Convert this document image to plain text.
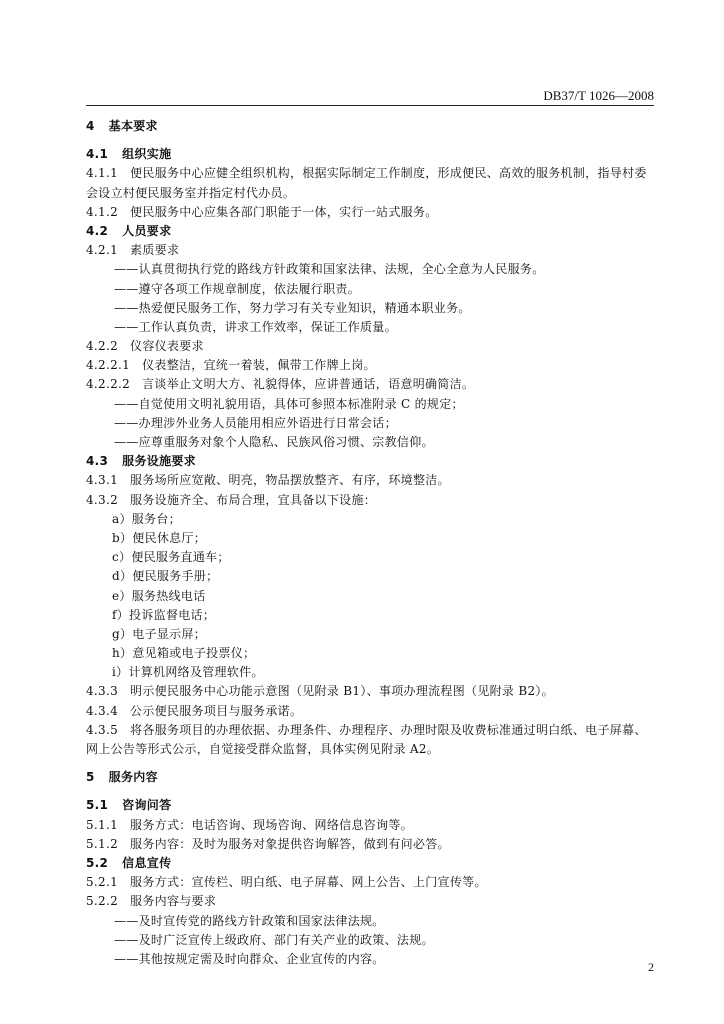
DB37/T 1026—2008
4 基本要求
4.1 组织实施
4.1.1 便民服务中心应健全组织机构，根据实际制定工作制度，形成便民、高效的服务机制，指导村委会设立村便民服务室并指定村代办员。
4.1.2 便民服务中心应集各部门职能于一体，实行一站式服务。
4.2 人员要求
4.2.1 素质要求
——认真贯彻执行党的路线方针政策和国家法律、法规，全心全意为人民服务。
——遵守各项工作规章制度，依法履行职责。
——热爱便民服务工作，努力学习有关专业知识，精通本职业务。
——工作认真负责，讲求工作效率，保证工作质量。
4.2.2 仪容仪表要求
4.2.2.1 仪表整洁，宜统一着装，佩带工作牌上岗。
4.2.2.2 言谈举止文明大方、礼貌得体，应讲普通话，语意明确简洁。
——自觉使用文明礼貌用语，具体可参照本标准附录 C 的规定；
——办理涉外业务人员能用相应外语进行日常会话；
——应尊重服务对象个人隐私、民族风俗习惯、宗教信仰。
4.3 服务设施要求
4.3.1 服务场所应宽敞、明亮，物品摆放整齐、有序，环境整洁。
4.3.2 服务设施齐全、布局合理，宜具备以下设施：
a）服务台；
b）便民休息厅；
c）便民服务直通车；
d）便民服务手册；
e）服务热线电话
f）投诉监督电话；
g）电子显示屏；
h）意见箱或电子投票仪；
i）计算机网络及管理软件。
4.3.3 明示便民服务中心功能示意图（见附录 B1）、事项办理流程图（见附录 B2）。
4.3.4 公示便民服务项目与服务承诺。
4.3.5 将各服务项目的办理依据、办理条件、办理程序、办理时限及收费标准通过明白纸、电子屏幕、网上公告等形式公示，自觉接受群众监督，具体实例见附录 A2。
5 服务内容
5.1 咨询问答
5.1.1 服务方式：电话咨询、现场咨询、网络信息咨询等。
5.1.2 服务内容：及时为服务对象提供咨询解答，做到有问必答。
5.2 信息宣传
5.2.1 服务方式：宣传栏、明白纸、电子屏幕、网上公告、上门宣传等。
5.2.2 服务内容与要求
——及时宣传党的路线方针政策和国家法律法规。
——及时广泛宣传上级政府、部门有关产业的政策、法规。
——其他按规定需及时向群众、企业宣传的内容。
2
